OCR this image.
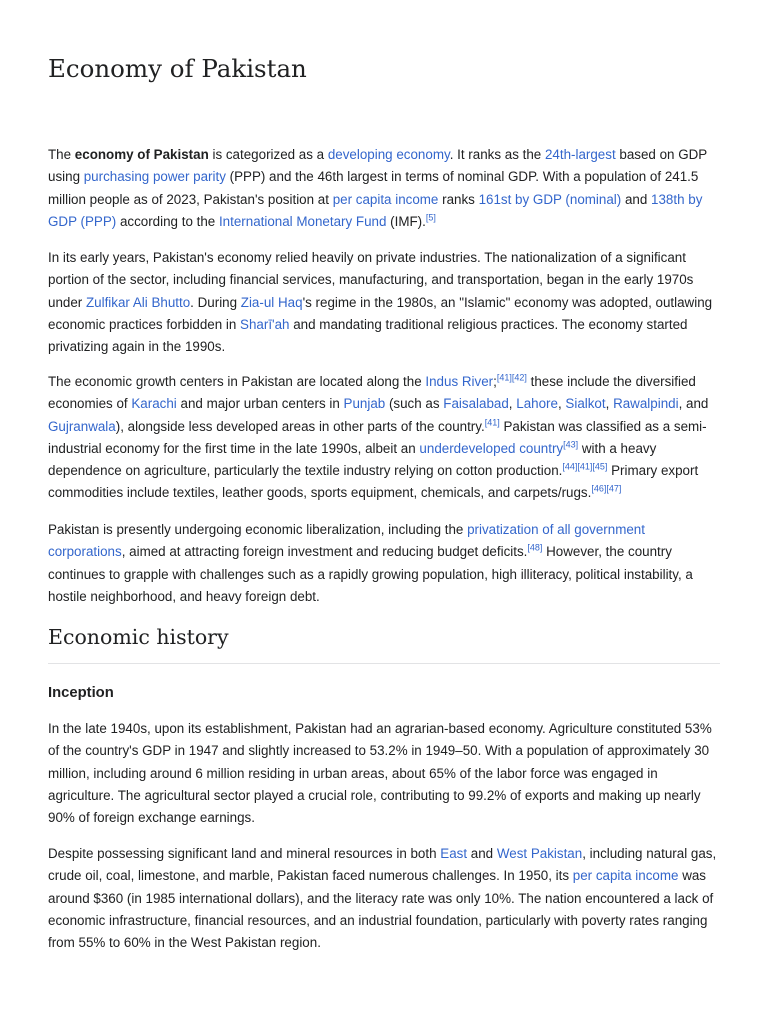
Economy of Pakistan

The economy of Pakistan is categorized as a developing economy. It ranks as the 24th-largest based on GDP using purchasing power parity (PPP) and the 46th largest in terms of nominal GDP. With a population of 241.5 million people as of 2023, Pakistan's position at per capita income ranks 161st by GDP (nominal) and 138th by GDP (PPP) according to the International Monetary Fund (IMF).[5]

In its early years, Pakistan's economy relied heavily on private industries. The nationalization of a significant portion of the sector, including financial services, manufacturing, and transportation, began in the early 1970s under Zulfikar Ali Bhutto. During Zia-ul Haq's regime in the 1980s, an "Islamic" economy was adopted, outlawing economic practices forbidden in Sharī'ah and mandating traditional religious practices. The economy started privatizing again in the 1990s.

The economic growth centers in Pakistan are located along the Indus River;[41][42] these include the diversified economies of Karachi and major urban centers in Punjab (such as Faisalabad, Lahore, Sialkot, Rawalpindi, and Gujranwala), alongside less developed areas in other parts of the country.[41] Pakistan was classified as a semi-industrial economy for the first time in the late 1990s, albeit an underdeveloped country[43] with a heavy dependence on agriculture, particularly the textile industry relying on cotton production.[44][41][45] Primary export commodities include textiles, leather goods, sports equipment, chemicals, and carpets/rugs.[46][47]

Pakistan is presently undergoing economic liberalization, including the privatization of all government corporations, aimed at attracting foreign investment and reducing budget deficits.[48] However, the country continues to grapple with challenges such as a rapidly growing population, high illiteracy, political instability, a hostile neighborhood, and heavy foreign debt.

Economic history
Inception

In the late 1940s, upon its establishment, Pakistan had an agrarian-based economy. Agriculture constituted 53% of the country's GDP in 1947 and slightly increased to 53.2% in 1949–50. With a population of approximately 30 million, including around 6 million residing in urban areas, about 65% of the labor force was engaged in agriculture. The agricultural sector played a crucial role, contributing to 99.2% of exports and making up nearly 90% of foreign exchange earnings.

Despite possessing significant land and mineral resources in both East and West Pakistan, including natural gas, crude oil, coal, limestone, and marble, Pakistan faced numerous challenges. In 1950, its per capita income was around $360 (in 1985 international dollars), and the literacy rate was only 10%. The nation encountered a lack of economic infrastructure, financial resources, and an industrial foundation, particularly with poverty rates ranging from 55% to 60% in the West Pakistan region.
